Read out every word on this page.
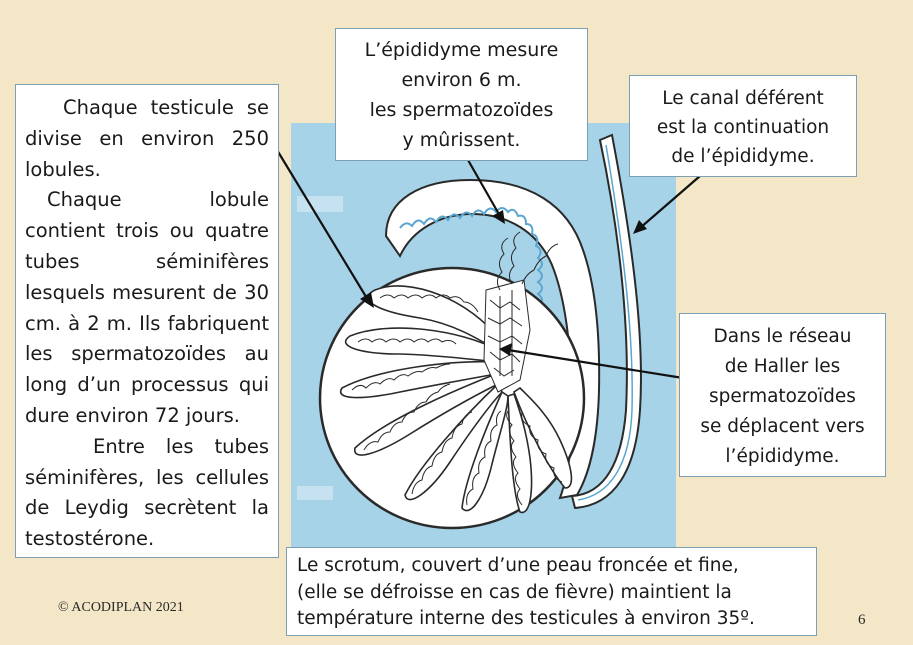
Chaque testicule se divise en environ 250 lobules.

Chaque lobule contient trois ou quatre tubes séminifères lesquels mesurent de 30 cm. à 2 m. Ils fabriquent les spermatozoïdes au long d’un processus qui dure environ 72 jours.

Entre les tubes séminifères, les cellules de Leydig secrètent la testostérone.

L’épididyme mesure

environ 6 m.

les spermatozoïdes

y mûrissent.

Le canal déférent

est la continuation

de l’épididyme.

Dans le réseau

de Haller les

spermatozoïdes

se déplacent vers

l’épididyme.

Le scrotum, couvert d’une peau froncée et fine,

(elle se défroisse en cas de fièvre) maintient la

température interne des testicules à environ 35º.

© ACODIPLAN 2021
6
